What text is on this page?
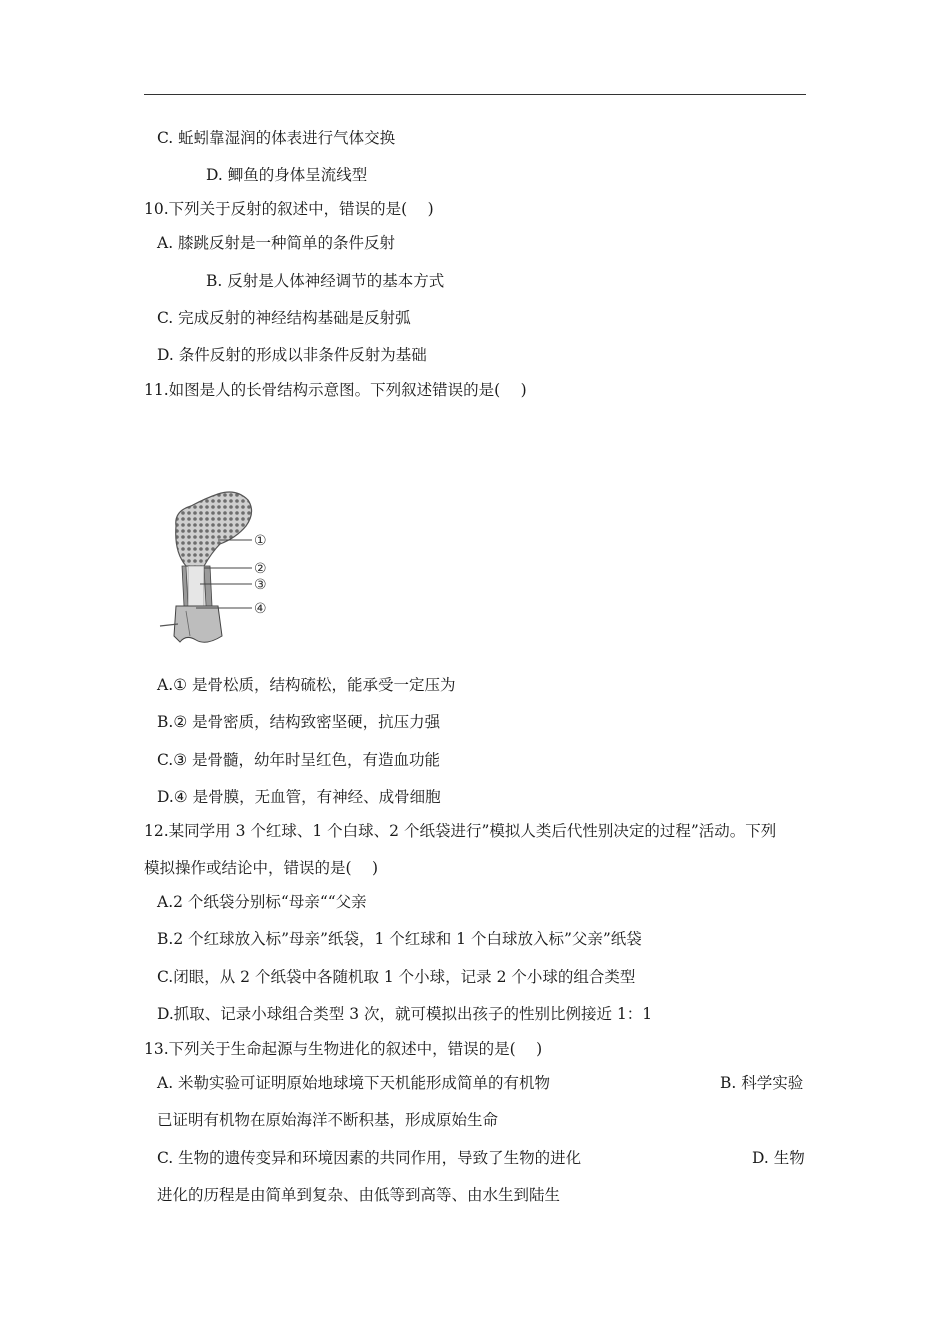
C. 蚯蚓靠湿润的体表进行气体交换
D. 鲫鱼的身体呈流线型
10.下列关于反射的叙述中，错误的是(　 )
A. 膝跳反射是一种简单的条件反射
B. 反射是人体神经调节的基本方式
C. 完成反射的神经结构基础是反射弧
D. 条件反射的形成以非条件反射为基础
11.如图是人的长骨结构示意图。下列叙述错误的是(　 )
①
②
③
④
A.① 是骨松质，结构硫松，能承受一定压为
B.② 是骨密质，结构致密坚硬，抗压力强
C.③ 是骨髓，幼年时呈红色，有造血功能
D.④ 是骨膜，无血管，有神经、成骨细胞
12.某同学用 3 个红球、1 个白球、2 个纸袋进行”模拟人类后代性别决定的过程”活动。下列
模拟操作或结论中，错误的是(　 )
A.2 个纸袋分别标“母亲““父亲
B.2 个红球放入标”母亲”纸袋，1 个红球和 1 个白球放入标”父亲”纸袋
C.闭眼，从 2 个纸袋中各随机取 1 个小球，记录 2 个小球的组合类型
D.抓取、记录小球组合类型 3 次，就可模拟出孩子的性别比例接近 1：1
13.下列关于生命起源与生物进化的叙述中，错误的是(　 )
A. 米勒实验可证明原始地球境下天机能形成简单的有机物	B. 科学实验
已证明有机物在原始海洋不断积基，形成原始生命
C. 生物的遗传变异和环境因素的共同作用，导致了生物的进化	D. 生物
进化的历程是由简单到复杂、由低等到高等、由水生到陆生
